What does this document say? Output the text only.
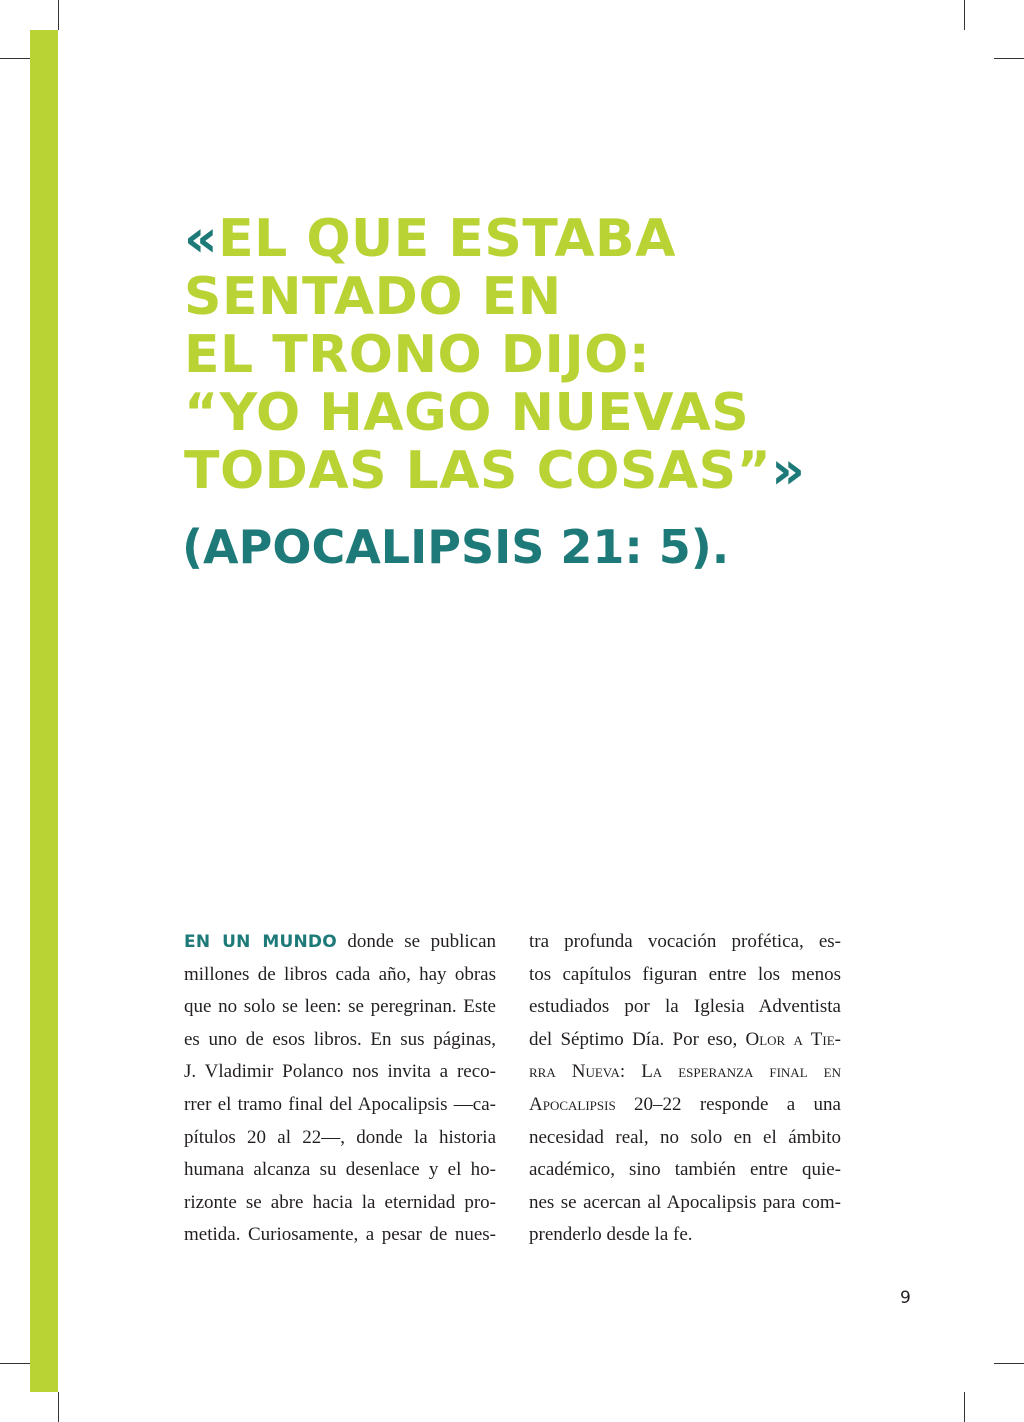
«EL QUE ESTABA
SENTADO EN
EL TRONO DIJO:
“YO HAGO NUEVAS
TODAS LAS COSAS”»
(APOCALIPSIS 21: 5).
EN UN MUNDO donde se publican
millones de libros cada año, hay obras
que no solo se leen: se peregrinan. Este
es uno de esos libros. En sus páginas,
J. Vladimir Polanco nos invita a reco-
rrer el tramo final del Apocalipsis —ca-
pítulos 20 al 22—, donde la historia
humana alcanza su desenlace y el ho-
rizonte se abre hacia la eternidad pro-
metida. Curiosamente, a pesar de nues-
tra profunda vocación profética, es-
tos capítulos figuran entre los menos
estudiados por la Iglesia Adventista
del Séptimo Día. Por eso, Olor a Tie-
rra Nueva: La esperanza final en
Apocalipsis 20–22 responde a una
necesidad real, no solo en el ámbito
académico, sino también entre quie-
nes se acercan al Apocalipsis para com-
prenderlo desde la fe.
9
